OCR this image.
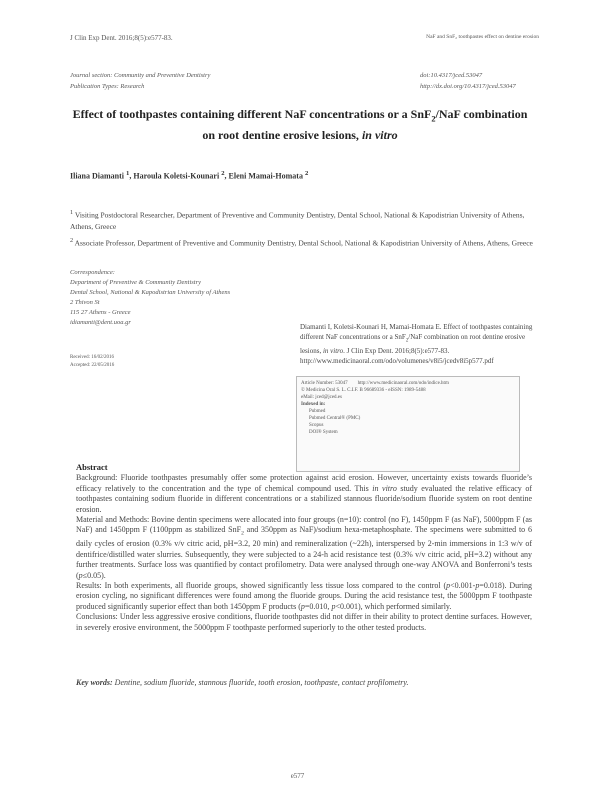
J Clin Exp Dent. 2016;8(5):e577-83.	NaF and SnF₂ toothpastes effect on dentine erosion
Journal section: Community and Preventive Dentistry
Publication Types: Research
doi:10.4317/jced.53047
http://dx.doi.org/10.4317/jced.53047
Effect of toothpastes containing different NaF concentrations or a SnF$_2$/NaF combination on root dentine erosive lesions, in vitro
Iliana Diamanti $^1$, Haroula Koletsi-Kounari $^2$, Eleni Mamai-Homata $^2$

$^1$ Visiting Postdoctoral Researcher, Department of Preventive and Community Dentistry, Dental School, National & Kapodistrian University of Athens, Athens, Greece

$^2$ Associate Professor, Department of Preventive and Community Dentistry, Dental School, National & Kapodistrian University of Athens, Athens, Greece

Correspondence:
Department of Preventive & Community Dentistry
Dental School, National & Kapodistrian University of Athens
2 Thivon St
115 27 Athens - Greece
idiamanti@dent.uoa.gr
Received: 16/02/2016
Accepted: 22/05/2016
Diamanti I, Koletsi-Kounari H, Mamai-Homata E. Effect of toothpastes containing different NaF concentrations or a SnF$_2$/NaF combination on root dentine erosive lesions, in vitro. J Clin Exp Dent. 2016;8(5):e577-83.
http://www.medicinaoral.com/odo/volumenes/v8i5/jcedv8i5p577.pdf
Article Number: 53047 http://www.medicinaoral.com/odo/indice.htm
© Medicina Oral S. L. C.I.F. B 96689336 - eISSN: 1989-5488
eMail: jced@jced.es
Indexed in:
Pubmed
Pubmed Central® (PMC)
Scopus
DOI® System
Abstract

Background: Fluoride toothpastes presumably offer some protection against acid erosion. However, uncertainty exists towards fluoride’s efficacy relatively to the concentration and the type of chemical compound used. This in vitro study evaluated the relative efficacy of toothpastes containing sodium fluoride in different concentrations or a stabilized stannous fluoride/sodium fluoride system on root dentine erosion.

Material and Methods: Bovine dentin specimens were allocated into four groups (n=10): control (no F), 1450ppm F (as NaF), 5000ppm F (as NaF) and 1450ppm F (1100ppm as stabilized SnF$_2$ and 350ppm as NaF)/sodium hexa-metaphosphate. The specimens were submitted to 6 daily cycles of erosion (0.3% v/v citric acid, pH=3.2, 20 min) and remineralization (~22h), interspersed by 2-min immersions in 1:3 w/v of dentifrice/distilled water slurries. Subsequently, they were subjected to a 24-h acid resistance test (0.3% v/v citric acid, pH=3.2) without any further treatments. Surface loss was quantified by contact profilometry. Data were analysed through one-way ANOVA and Bonferroni’s tests (p≤0.05).

Results: In both experiments, all fluoride groups, showed significantly less tissue loss compared to the control (p<0.001-p=0.018). During erosion cycling, no significant differences were found among the fluoride groups. During the acid resistance test, the 5000ppm F toothpaste produced significantly superior effect than both 1450ppm F products (p=0.010, p<0.001), which performed similarly.

Conclusions: Under less aggressive erosive conditions, fluoride toothpastes did not differ in their ability to protect dentine surfaces. However, in severely erosive environment, the 5000ppm F toothpaste performed superiorly to the other tested products.

Key words: Dentine, sodium fluoride, stannous fluoride, tooth erosion, toothpaste, contact profilometry.
e577
